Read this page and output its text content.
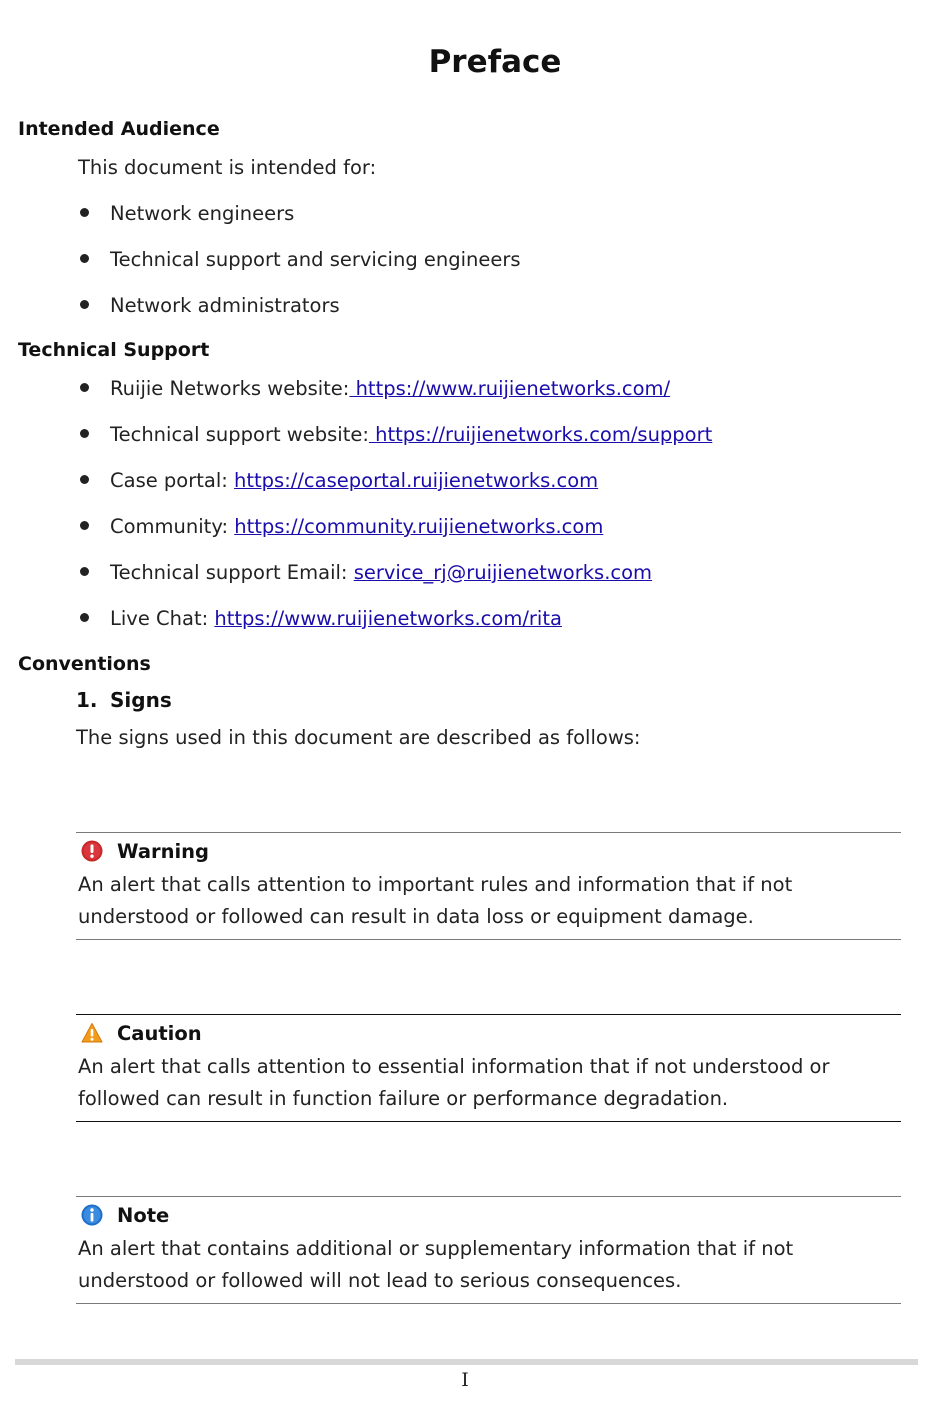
Preface
Intended Audience
This document is intended for:
Network engineers
Technical support and servicing engineers
Network administrators
Technical Support
Ruijie Networks website: https://www.ruijienetworks.com/
Technical support website: https://ruijienetworks.com/support
Case portal: https://caseportal.ruijienetworks.com
Community: https://community.ruijienetworks.com
Technical support Email: service_rj@ruijienetworks.com
Live Chat: https://www.ruijienetworks.com/rita
Conventions
1. Signs
The signs used in this document are described as follows:
Warning
An alert that calls attention to important rules and information that if not understood or followed can result in data loss or equipment damage.
Caution
An alert that calls attention to essential information that if not understood or followed can result in function failure or performance degradation.
Note
An alert that contains additional or supplementary information that if not understood or followed will not lead to serious consequences.
I
